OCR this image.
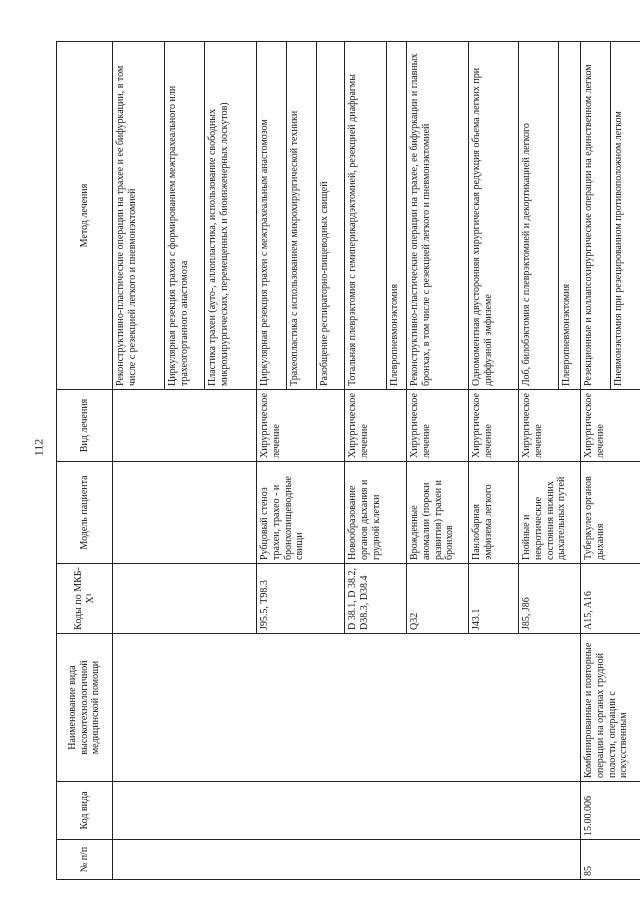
112
№ п/п	Код вида	Наименование вида высокотехнологичной медицинской помощи	Коды по МКБ-Х¹	Модель пациента	Вид лечения	Метод лечения
						Реконструктивно-пластические операции на трахее и ее бифуркации, в том числе с резекцией легкого и пневмонэктомией
						Циркулярная резекция трахеи с формированием межтрахеального или трахеогортанного анастомоза
						Пластика трахеи (ауто-, аллопластика, использование свободных микрохирургических, перемещенных и биоинженерных лоскутов)
			J95.5, T98.3	Рубцовый стеноз трахеи, трахео - и бронхопищеводные свищи	Хирургическое лечение	Циркулярная резекция трахеи с межтрахеальным анастомозом
						Трахеопластика с использованием микрохирургической техники
						Разобщение респираторно-пищеводных свищей
			D 38.1, D 38.2, D38.3, D38.4	Новообразование органов дыхания и грудной клетки	Хирургическое лечение	Тотальная плеврэктомия с гемиперикардэктомией, резекцией диафрагмы
						Плевропневмонэктомия
			Q32	Врожденные аномалии (пороки развития) трахеи и бронхов	Хирургическое лечение	Реконструктивно-пластические операции на трахее, ее бифуркации и главных бронхах, в том числе с резекцией легкого и пневмонэктомией
			J43.1	Панлобарная эмфизема легкого	Хирургическое лечение	Одномоментная двусторонняя хирургическая редукция объема легких при диффузной эмфиземе
			J85, J86	Гнойные и некротические состояния нижних дыхательных путей	Хирургическое лечение	Лоб, билобэктомия с плеврэктомией и декортикацией легкого
						Плевропневмонэктомия
85	15.00.006	Комбинированные и повторные операции на органах грудной полости, операции с искусственным	A15, A16	Туберкулез органов дыхания	Хирургическое лечение	Резекционные и коллапсохирургические операции на единственном легком
						Пневмонэктомия при резецированном противоположном легком
